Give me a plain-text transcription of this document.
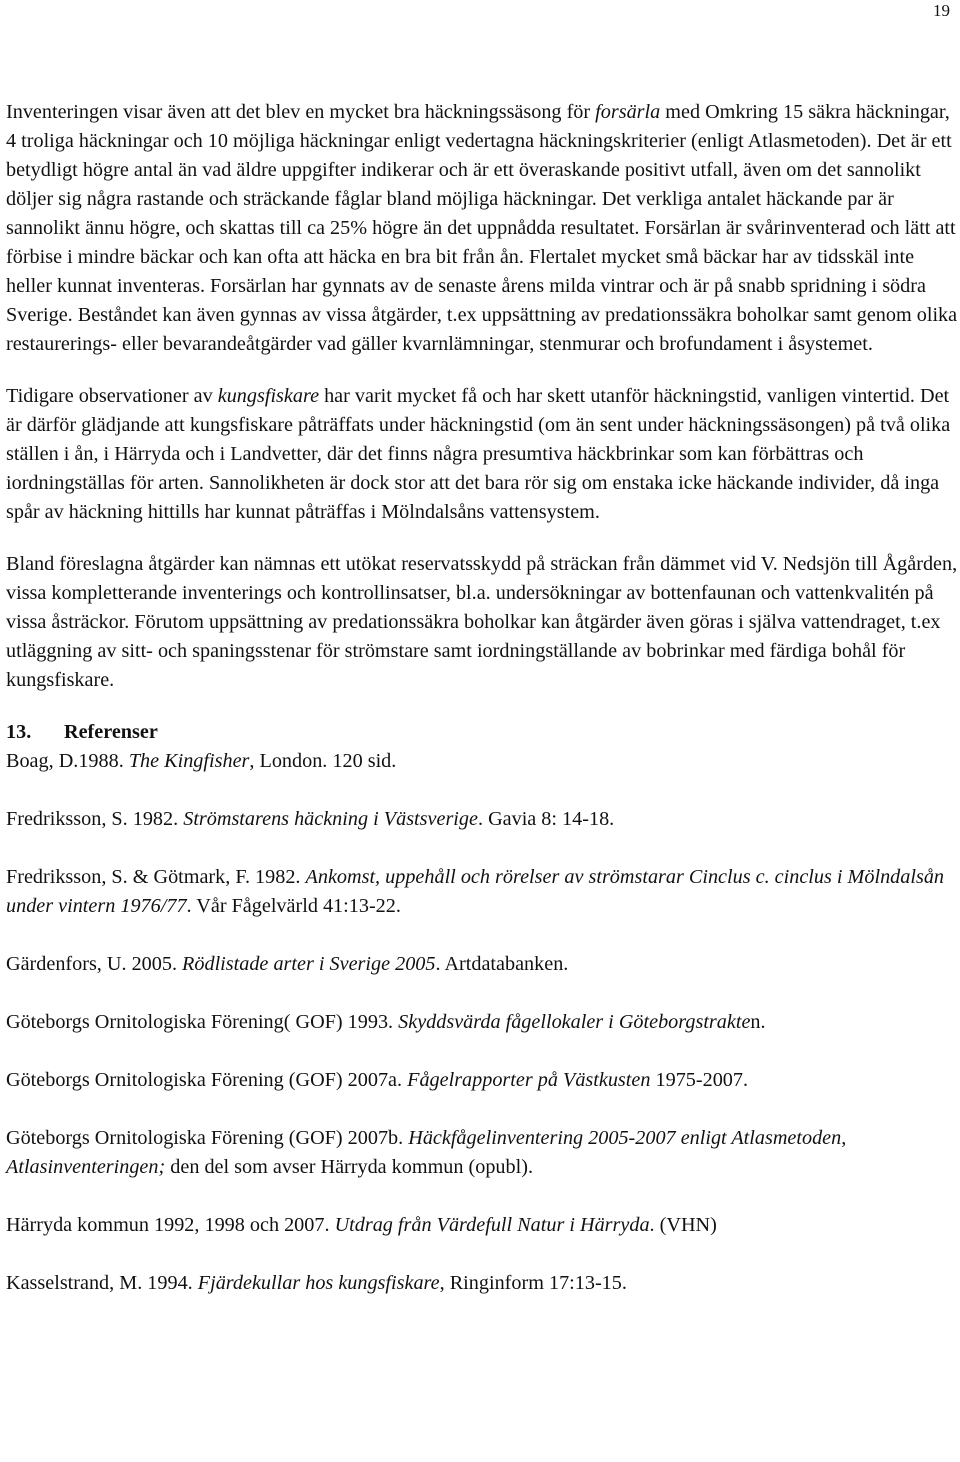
19

Inventeringen visar även att det blev en mycket bra häckningssäsong för forsärla med Omkring 15 säkra häckningar, 4 troliga häckningar och 10 möjliga häckningar enligt vedertagna häckningskriterier (enligt Atlasmetoden). Det är ett betydligt högre antal än vad äldre uppgifter indikerar och är ett överaskande positivt utfall, även om det sannolikt döljer sig några rastande och sträckande fåglar bland möjliga häckningar. Det verkliga antalet häckande par är sannolikt ännu högre, och skattas till ca 25% högre än det uppnådda resultatet. Forsärlan är svårinventerad och lätt att förbise i mindre bäckar och kan ofta att häcka en bra bit från ån. Flertalet mycket små bäckar har av tidsskäl inte heller kunnat inventeras. Forsärlan har gynnats av de senaste årens milda vintrar och är på snabb spridning i södra Sverige. Beståndet kan även gynnas av vissa åtgärder, t.ex uppsättning av predationssäkra boholkar samt genom olika restaurerings- eller bevarandeåtgärder vad gäller kvarnlämningar, stenmurar och brofundament i åsystemet.

Tidigare observationer av kungsfiskare har varit mycket få och har skett utanför häckningstid, vanligen vintertid. Det är därför glädjande att kungsfiskare påträffats under häckningstid (om än sent under häckningssäsongen) på två olika ställen i ån, i Härryda och i Landvetter, där det finns några presumtiva häckbrinkar som kan förbättras och iordningställas för arten. Sannolikheten är dock stor att det bara rör sig om enstaka icke häckande individer, då inga spår av häckning hittills har kunnat påträffas i Mölndalsåns vattensystem.

Bland föreslagna åtgärder kan nämnas ett utökat reservatsskydd på sträckan från dämmet vid V. Nedsjön till Ågården, vissa kompletterande inventerings och kontrollinsatser, bl.a. undersökningar av bottenfaunan och vattenkvalitén på vissa åsträckor. Förutom uppsättning av predationssäkra boholkar kan åtgärder även göras i själva vattendraget, t.ex utläggning av sitt- och spaningsstenar för strömstare samt iordningställande av bobrinkar med färdiga bohål för kungsfiskare.

13. Referenser

Boag, D.1988. The Kingfisher, London. 120 sid.

Fredriksson, S. 1982. Strömstarens häckning i Västsverige. Gavia 8: 14-18.

Fredriksson, S. & Götmark, F. 1982. Ankomst, uppehåll och rörelser av strömstarar Cinclus c. cinclus i Mölndalsån under vintern 1976/77. Vår Fågelvärld 41:13-22.

Gärdenfors, U. 2005. Rödlistade arter i Sverige 2005. Artdatabanken.

Göteborgs Ornitologiska Förening( GOF) 1993. Skyddsvärda fågellokaler i Göteborgstrakten.

Göteborgs Ornitologiska Förening (GOF) 2007a. Fågelrapporter på Västkusten 1975-2007.

Göteborgs Ornitologiska Förening (GOF) 2007b. Häckfågelinventering 2005-2007 enligt Atlasmetoden, Atlasinventeringen; den del som avser Härryda kommun (opubl).

Härryda kommun 1992, 1998 och 2007. Utdrag från Värdefull Natur i Härryda. (VHN)

Kasselstrand, M. 1994. Fjärdekullar hos kungsfiskare, Ringinform 17:13-15.
